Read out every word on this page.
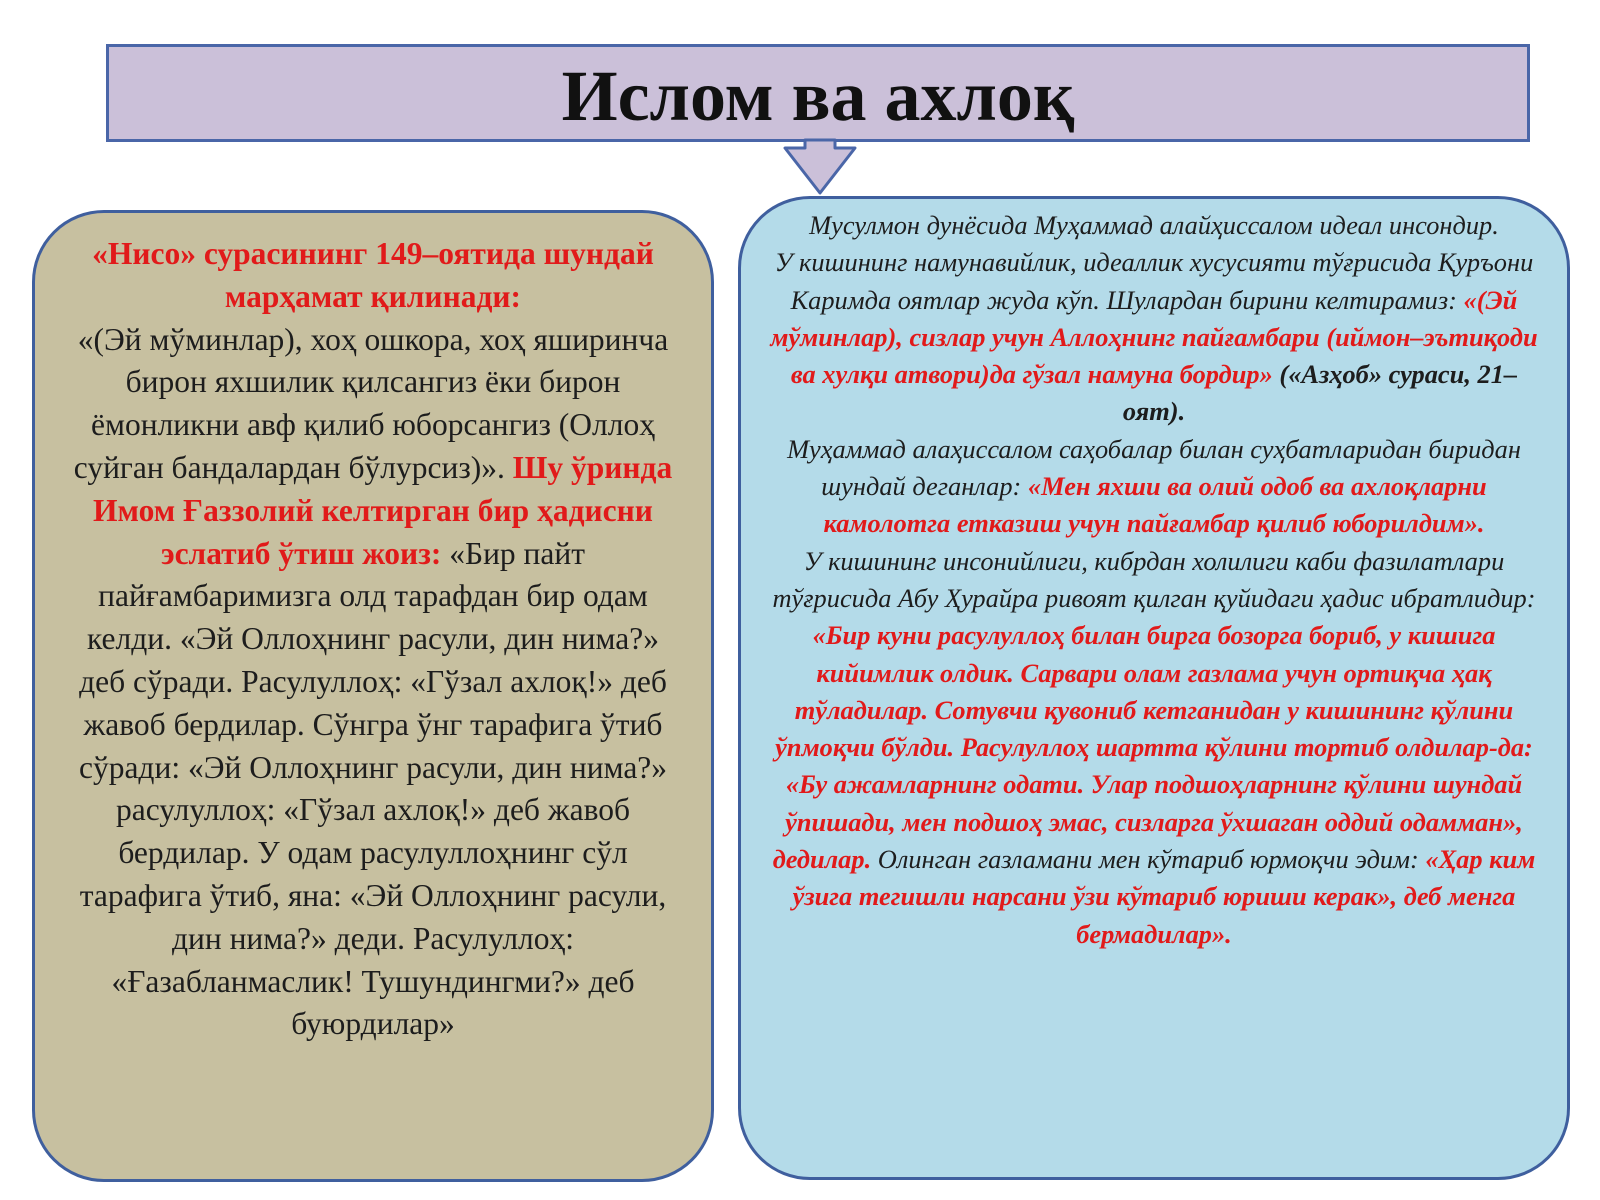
Ислом ва ахлоқ

«Нисо» сурасининг 149–оятида шундай марҳамат қилинади:
«(Эй мўминлар), хоҳ ошкора, хоҳ яширинча бирон яхшилик қилсангиз ёки бирон ёмонликни авф қилиб юборсангиз (Оллоҳ суйган бандалардан бўлурсиз)». Шу ўринда Имом Ғаззолий келтирган бир ҳадисни эслатиб ўтиш жоиз: «Бир пайт пайғамбаримизга олд тарафдан бир одам келди. «Эй Оллоҳнинг расули, дин нима?» деб сўради. Расулуллоҳ: «Гўзал ахлоқ!» деб жавоб бердилар. Сўнгра ўнг тарафига ўтиб сўради: «Эй Оллоҳнинг расули, дин нима?» расулуллоҳ: «Гўзал ахлоқ!» деб жавоб бердилар. У одам расулуллоҳнинг сўл тарафига ўтиб, яна: «Эй Оллоҳнинг расули, дин нима?» деди. Расулуллоҳ: «Ғазабланмаслик! Тушундингми?» деб буюрдилар»

Мусулмон дунёсида Муҳаммад алайҳиссалом идеал инсондир.

У кишининг намунавийлик, идеаллик хусусияти тўғрисида Қуръони Каримда оятлар жуда кўп. Шулардан бирини келтирамиз: «(Эй мўминлар), сизлар учун Аллоҳнинг пайғамбари (иймон–эътиқоди ва хулқи атвори)да гўзал намуна бордир» («Азҳоб» сураси, 21–оят).

Муҳаммад алаҳиссалом саҳобалар билан суҳбатларидан биридан шундай деганлар: «Мен яхши ва олий одоб ва ахлоқларни камолотга етказиш учун пайғамбар қилиб юборилдим».

У кишининг инсонийлиги, кибрдан холилиги каби фазилатлари тўғрисида Абу Ҳурайра ривоят қилган қуйидаги ҳадис ибратлидир: «Бир куни расулуллоҳ билан бирга бозорга бориб, у кишига кийимлик олдик. Сарвари олам газлама учун ортиқча ҳақ тўладилар. Сотувчи қувониб кетганидан у кишининг қўлини ўпмоқчи бўлди. Расулуллоҳ шартта қўлини тортиб олдилар-да: «Бу ажамларнинг одати. Улар подшоҳларнинг қўлини шундай ўпишади, мен подшоҳ эмас, сизларга ўхшаган оддий одамман», дедилар. Олинган газламани мен кўтариб юрмоқчи эдим: «Ҳар ким ўзига тегишли нарсани ўзи кўтариб юриши керак», деб менга бермадилар».
